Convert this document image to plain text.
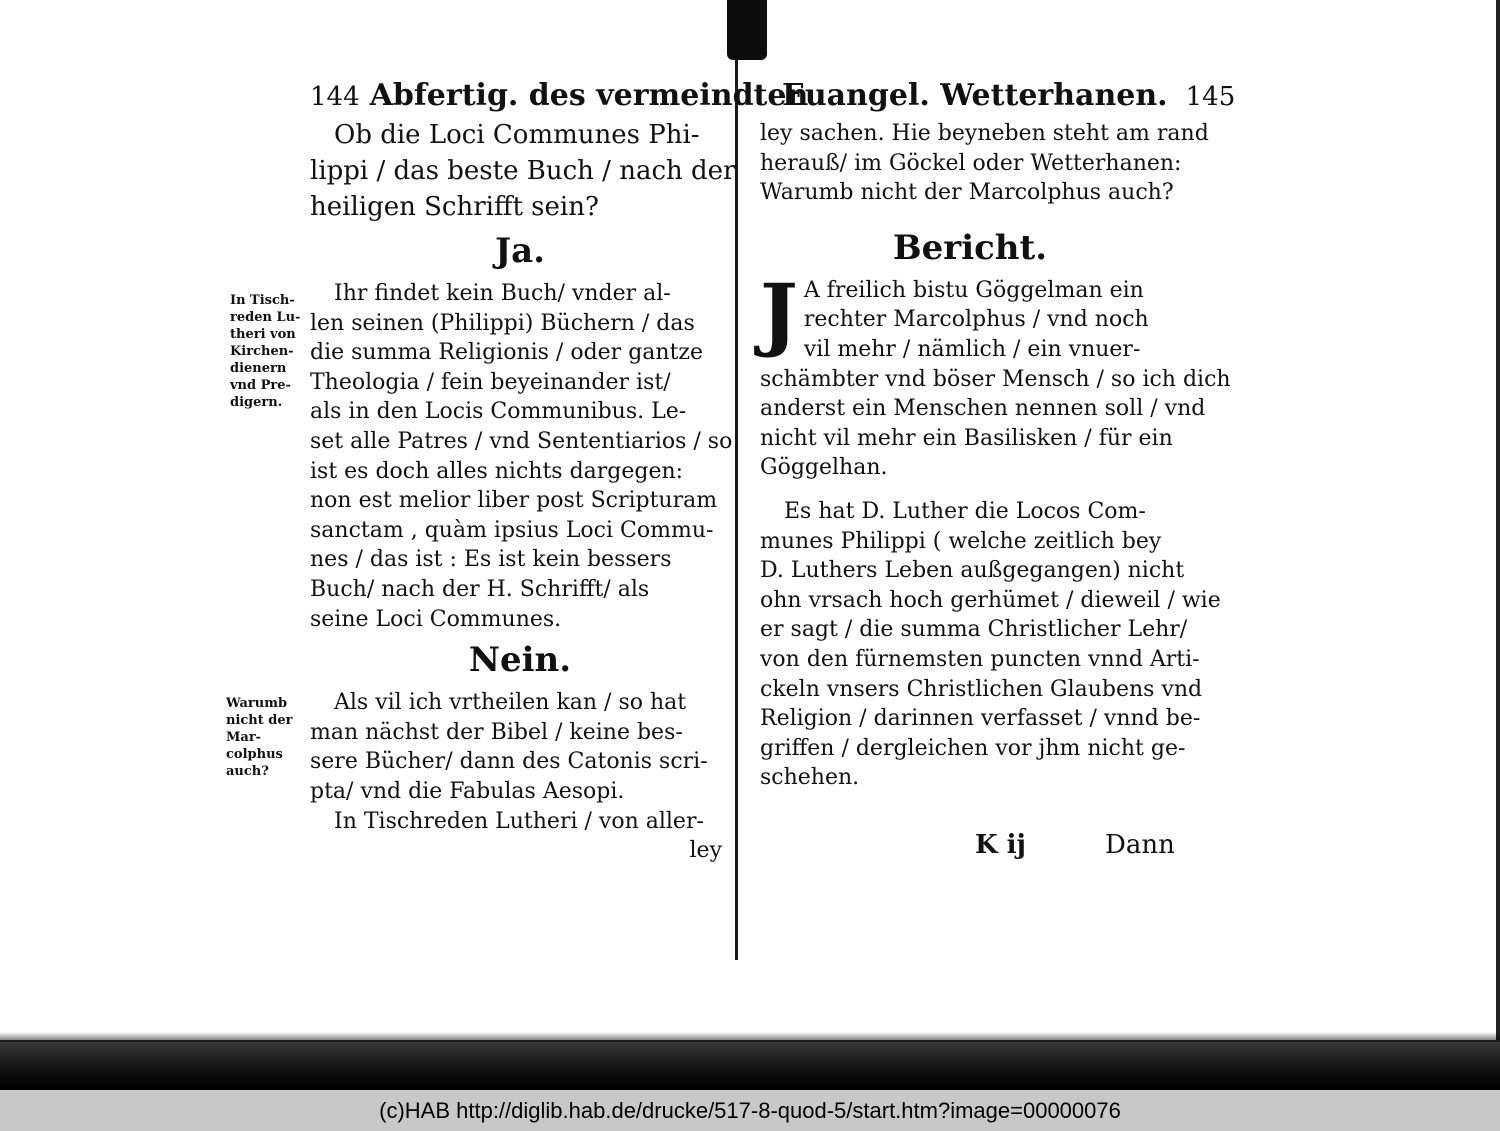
144 Abfertig. des vermeindten
Ob die Loci Communes Phi-
lippi / das beste Buch / nach der
heiligen Schrifft sein?
Ja.
Ihr findet kein Buch/ vnder al-
len seinen (Philippi) Büchern / das
die summa Religionis / oder gantze
Theologia / fein beyeinander ist/
als in den Locis Communibus. Le-
set alle Patres / vnd Sententiarios / so
ist es doch alles nichts dargegen:
non est melior liber post Scripturam
sanctam , quàm ipsius Loci Commu-
nes / das ist : Es ist kein bessers
Buch/ nach der H. Schrifft/ als
seine Loci Communes.
Nein.
Als vil ich vrtheilen kan / so hat
man nächst der Bibel / keine bes-
sere Bücher/ dann des Catonis scri-
pta/ vnd die Fabulas Aesopi.
In Tischreden Lutheri / von aller-
ley
In Tisch-
reden Lu-
theri von
Kirchen-
dienern
vnd Pre-
digern.
Warumb
nicht der
Mar-
colphus
auch?
Euangel. Wetterhanen. 145
ley sachen. Hie beyneben steht am rand
herauß/ im Göckel oder Wetterhanen:
Warumb nicht der Marcolphus auch?
Bericht.
J A freilich bistu Göggelman ein
rechter Marcolphus / vnd noch
vil mehr / nämlich / ein vnuer-
schämbter vnd böser Mensch / so ich dich
anderst ein Menschen nennen soll / vnd
nicht vil mehr ein Basilisken / für ein
Göggelhan.
Es hat D. Luther die Locos Com-
munes Philippi ( welche zeitlich bey
D. Luthers Leben außgegangen) nicht
ohn vrsach hoch gerhümet / dieweil / wie
er sagt / die summa Christlicher Lehr/
von den fürnemsten puncten vnnd Arti-
ckeln vnsers Christlichen Glaubens vnd
Religion / darinnen verfasset / vnnd be-
griffen / dergleichen vor jhm nicht ge-
schehen.
K ij	Dann
(c)HAB http://diglib.hab.de/drucke/517-8-quod-5/start.htm?image=00000076
